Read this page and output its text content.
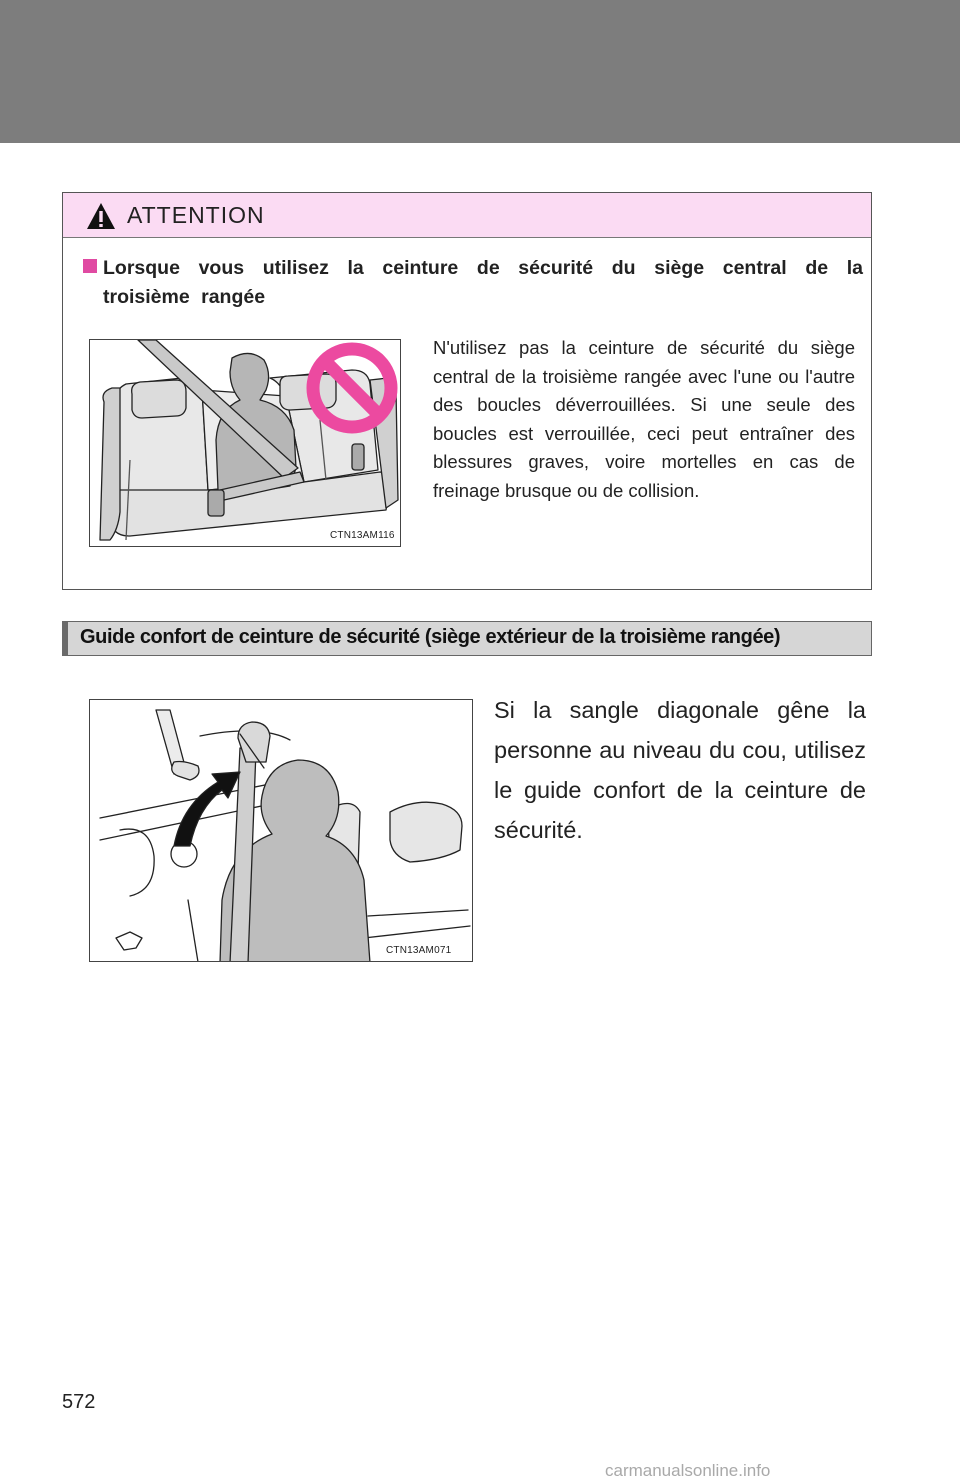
ATTENTION
Lorsque vous utilisez la ceinture de sécurité du siège central de la troisième rangée
CTN13AM116
N'utilisez pas la ceinture de sécurité du siège central de la troisième rangée avec l'une ou l'autre des boucles déverrouillées. Si une seule des boucles est verrouillée, ceci peut entraîner des blessures graves, voire mortelles en cas de freinage brusque ou de collision.
Guide confort de ceinture de sécurité (siège extérieur de la troisième rangée)
CTN13AM071
Si la sangle diagonale gêne la personne au niveau du cou, utilisez le guide confort de la ceinture de sécurité.
572
carmanualsonline.info
